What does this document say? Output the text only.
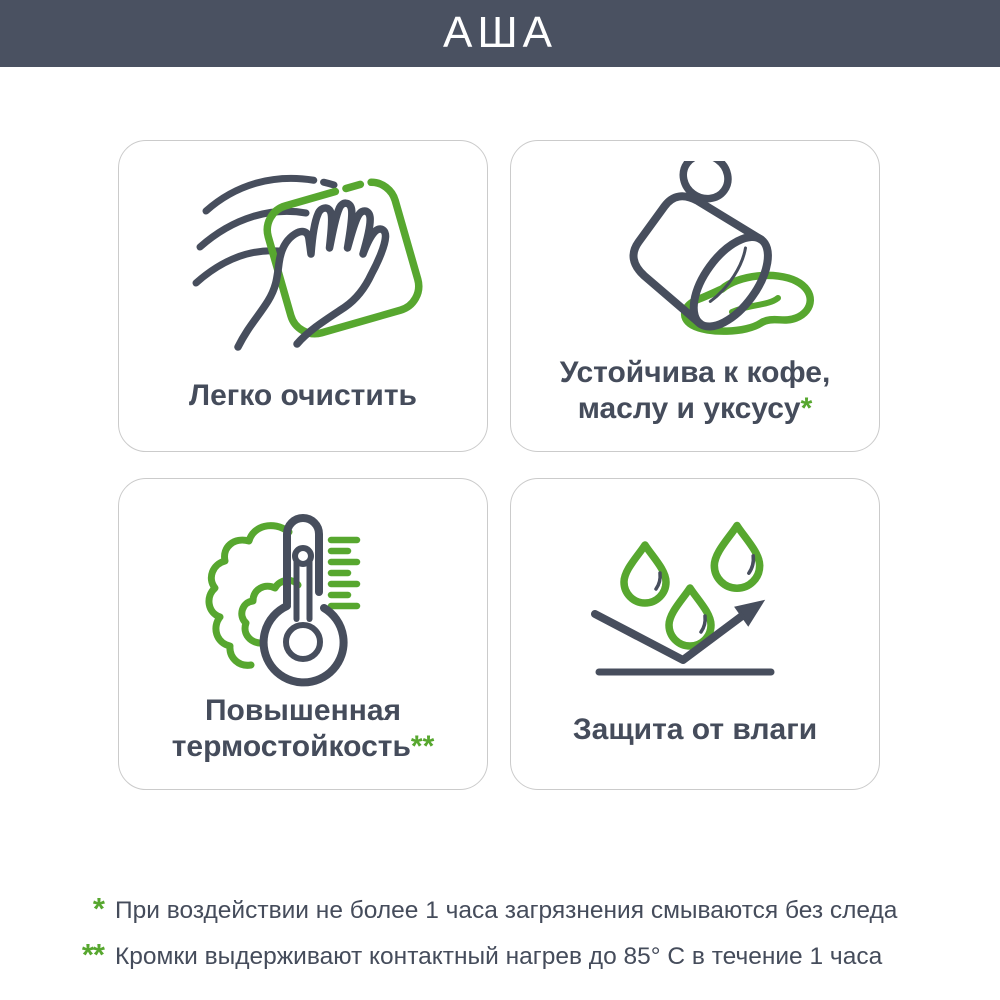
АША
Легко очистить
Устойчива к кофе,
маслу и уксусу*
Повышенная
термостойкость**
Защита от влаги
* При воздействии не более 1 часа загрязнения смываются без следа
** Кромки выдерживают контактный нагрев до 85° С в течение 1 часа
